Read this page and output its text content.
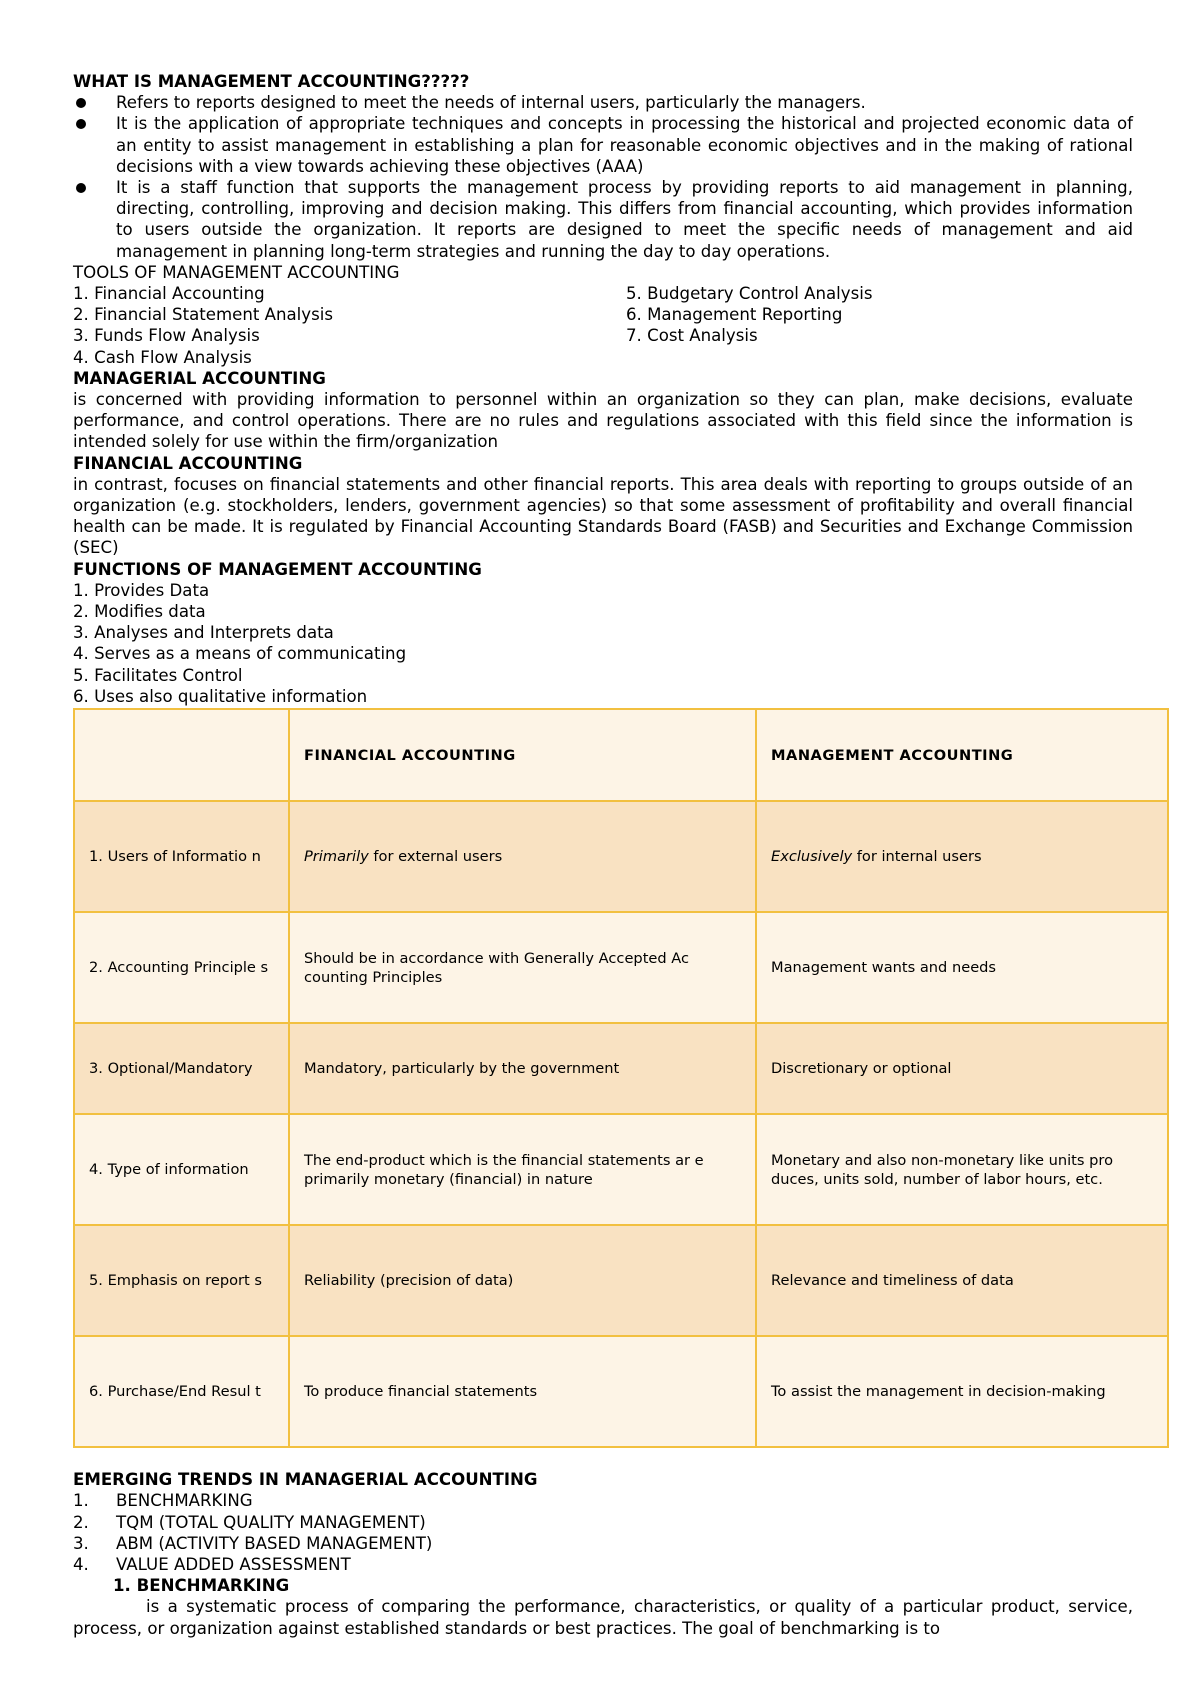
WHAT IS MANAGEMENT ACCOUNTING?????

Refers to reports designed to meet the needs of internal users, particularly the managers.
It is the application of appropriate techniques and concepts in processing the historical and projected economic data of an entity to assist management in establishing a plan for reasonable economic objectives and in the making of rational decisions with a view towards achieving these objectives (AAA)
It is a staff function that supports the management process by providing reports to aid management in planning, directing, controlling, improving and decision making. This differs from financial accounting, which provides information to users outside the organization. It reports are designed to meet the specific needs of management and aid management in planning long-term strategies and running the day to day operations.

TOOLS OF MANAGEMENT ACCOUNTING

1. Financial Accounting

2. Financial Statement Analysis

3. Funds Flow Analysis

4. Cash Flow Analysis

5. Budgetary Control Analysis

6. Management Reporting

7. Cost Analysis

MANAGERIAL ACCOUNTING

is concerned with providing information to personnel within an organization so they can plan, make decisions, evaluate performance, and control operations. There are no rules and regulations associated with this field since the information is intended solely for use within the firm/organization

FINANCIAL ACCOUNTING

in contrast, focuses on financial statements and other financial reports. This area deals with reporting to groups outside of an organization (e.g. stockholders, lenders, government agencies) so that some assessment of profitability and overall financial health can be made. It is regulated by Financial Accounting Standards Board (FASB) and Securities and Exchange Commission (SEC)

FUNCTIONS OF MANAGEMENT ACCOUNTING

1. Provides Data

2. Modifies data

3. Analyses and Interprets data

4. Serves as a means of communicating

5. Facilitates Control

6. Uses also qualitative information

	FINANCIAL ACCOUNTING	MANAGEMENT ACCOUNTING
1. Users of Informatio n	Primarily for external users	Exclusively for internal users
2. Accounting Principle s	Should be in accordance with Generally Accepted Ac counting Principles	Management wants and needs
3. Optional/Mandatory	Mandatory, particularly by the government	Discretionary or optional
4. Type of information	The end-product which is the financial statements ar e primarily monetary (financial) in nature	Monetary and also non-monetary like units pro duces, units sold, number of labor hours, etc.
5. Emphasis on report s	Reliability (precision of data)	Relevance and timeliness of data
6. Purchase/End Resul t	To produce financial statements	To assist the management in decision-making

EMERGING TRENDS IN MANAGERIAL ACCOUNTING

1. BENCHMARKING
2. TQM (TOTAL QUALITY MANAGEMENT)
3. ABM (ACTIVITY BASED MANAGEMENT)
4. VALUE ADDED ASSESSMENT

1. BENCHMARKING

is a systematic process of comparing the performance, characteristics, or quality of a particular product, service, process, or organization against established standards or best practices. The goal of benchmarking is to
